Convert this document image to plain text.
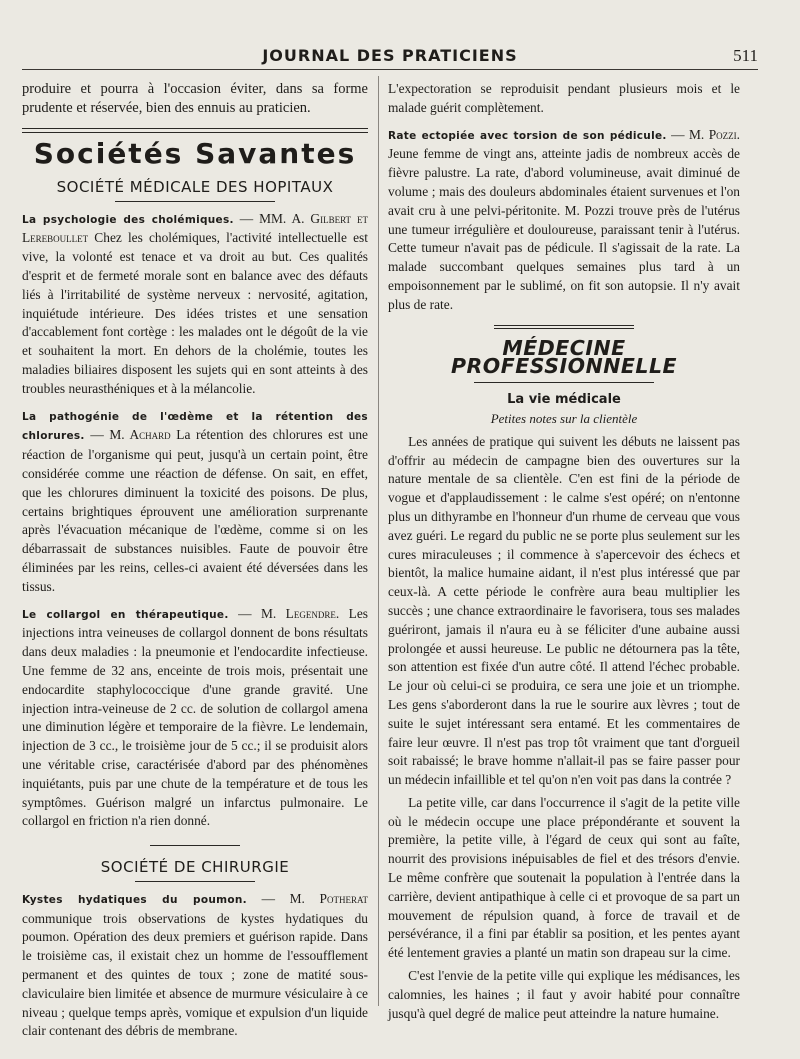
JOURNAL DES PRATICIENS	511

produire et pourra à l'occasion éviter, dans sa forme prudente et réservée, bien des ennuis au praticien.

Sociétés Savantes
SOCIÉTÉ MÉDICALE DES HOPITAUX

La psychologie des cholémiques. — MM. A. Gilbert et Lereboullet Chez les cholémiques, l'activité intellectuelle est vive, la volonté est tenace et va droit au but. Ces qualités d'esprit et de fermeté morale sont en balance avec des défauts liés à l'irritabilité de système nerveux : nervosité, agitation, inquiétude intérieure. Des idées tristes et une sensation d'accablement font cortège : les malades ont le dégoût de la vie et souhaitent la mort. En dehors de la cholémie, toutes les maladies biliaires disposent les sujets qui en sont atteints à des troubles neurasthéniques et à la mélancolie.

La pathogénie de l'œdème et la rétention des chlorures. — M. Achard La rétention des chlorures est une réaction de l'organisme qui peut, jusqu'à un certain point, être considérée comme une réaction de défense. On sait, en effet, que les chlorures diminuent la toxicité des poisons. De plus, certains brightiques éprouvent une amélioration surprenante après l'évacuation mécanique de l'œdème, comme si on les débarrassait de substances nuisibles. Faute de pouvoir être éliminées par les reins, celles-ci avaient été déversées dans les tissus.

Le collargol en thérapeutique. — M. Legendre. Les injections intra veineuses de collargol donnent de bons résultats dans deux maladies : la pneumonie et l'endocardite infectieuse. Une femme de 32 ans, enceinte de trois mois, présentait une endocardite staphylococcique d'une grande gravité. Une injection intra-veineuse de 2 cc. de solution de collargol amena une diminution légère et temporaire de la fièvre. Le lendemain, injection de 3 cc., le troisième jour de 5 cc.; il se produisit alors une véritable crise, caractérisée d'abord par des phénomènes inquiétants, puis par une chute de la température et de tous les symptômes. Guérison malgré un infarctus pulmonaire. Le collargol en friction n'a rien donné.

SOCIÉTÉ DE CHIRURGIE

Kystes hydatiques du poumon. — M. Potherat communique trois observations de kystes hydatiques du poumon. Opération des deux premiers et guérison rapide. Dans le troisième cas, il existait chez un homme de l'essoufflement permanent et des quintes de toux ; zone de matité sous-claviculaire bien limitée et absence de murmure vésiculaire à ce niveau ; quelque temps après, vomique et expulsion d'un liquide clair contenant des débris de membrane.

L'expectoration se reproduisit pendant plusieurs mois et le malade guérit complètement.

Rate ectopiée avec torsion de son pédicule. — M. Pozzi. Jeune femme de vingt ans, atteinte jadis de nombreux accès de fièvre palustre. La rate, d'abord volumineuse, avait diminué de volume ; mais des douleurs abdominales étaient survenues et l'on avait cru à une pelvi-péritonite. M. Pozzi trouve près de l'utérus une tumeur irrégulière et douloureuse, paraissant tenir à l'utérus. Cette tumeur n'avait pas de pédicule. Il s'agissait de la rate. La malade succombant quelques semaines plus tard à un empoisonnement par le sublimé, on fit son autopsie. Il n'y avait plus de rate.

MÉDECINE PROFESSIONNELLE
La vie médicale
Petites notes sur la clientèle

Les années de pratique qui suivent les débuts ne laissent pas d'offrir au médecin de campagne bien des ouvertures sur la nature mentale de sa clientèle. C'en est fini de la période de vogue et d'applaudissement : le calme s'est opéré; on n'entonne plus un dithyrambe en l'honneur d'un rhume de cerveau que vous avez guéri. Le regard du public ne se porte plus seulement sur les cures miraculeuses ; il commence à s'apercevoir des échecs et bientôt, la malice humaine aidant, il n'est plus intéressé que par ceux-là. A cette période le confrère aura beau multiplier les succès ; une chance extraordinaire le favorisera, tous ses malades guériront, jamais il n'aura eu à se féliciter d'une aubaine aussi prolongée et aussi heureuse. Le public ne détournera pas la tête, son attention est fixée d'un autre côté. Il attend l'échec probable. Le jour où celui-ci se produira, ce sera une joie et un triomphe. Les gens s'aborderont dans la rue le sourire aux lèvres ; tout de suite le sujet intéressant sera entamé. Et les commentaires de faire leur œuvre. Il n'est pas trop tôt vraiment que tant d'orgueil soit rabaissé; le brave homme n'allait-il pas se faire passer pour un médecin infaillible et tel qu'on n'en voit pas dans la contrée ?

La petite ville, car dans l'occurrence il s'agit de la petite ville où le médecin occupe une place prépondérante et souvent la première, la petite ville, à l'égard de ceux qui sont au faîte, nourrit des provisions inépuisables de fiel et des trésors d'envie. Le même confrère que soutenait la population à l'entrée dans la carrière, devient antipathique à celle ci et provoque de sa part un mouvement de répulsion quand, à force de travail et de persévérance, il a fini par établir sa position, et les pentes ayant été lentement gravies a planté un matin son drapeau sur la cime.

C'est l'envie de la petite ville qui explique les médisances, les calomnies, les haines ; il faut y avoir habité pour connaître jusqu'à quel degré de malice peut atteindre la nature humaine.
